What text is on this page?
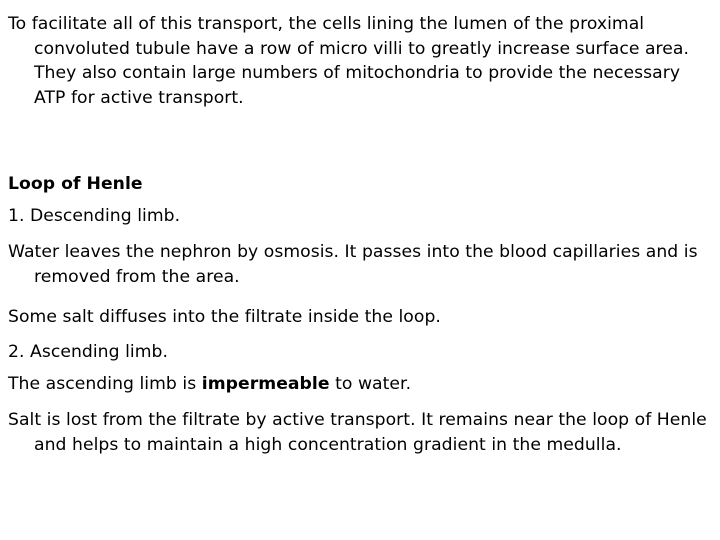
To facilitate all of this transport, the cells lining the lumen of the proximal convoluted tubule have a row of micro villi to greatly increase surface area. They also contain large numbers of mitochondria to provide the necessary ATP for active transport.

Loop of Henle

1. Descending limb.

Water leaves the nephron by osmosis. It passes into the blood capillaries and is removed from the area.

Some salt diffuses into the filtrate inside the loop.

2. Ascending limb.

The ascending limb is impermeable to water.

Salt is lost from the filtrate by active transport. It remains near the loop of Henle and helps to maintain a high concentration gradient in the medulla.
